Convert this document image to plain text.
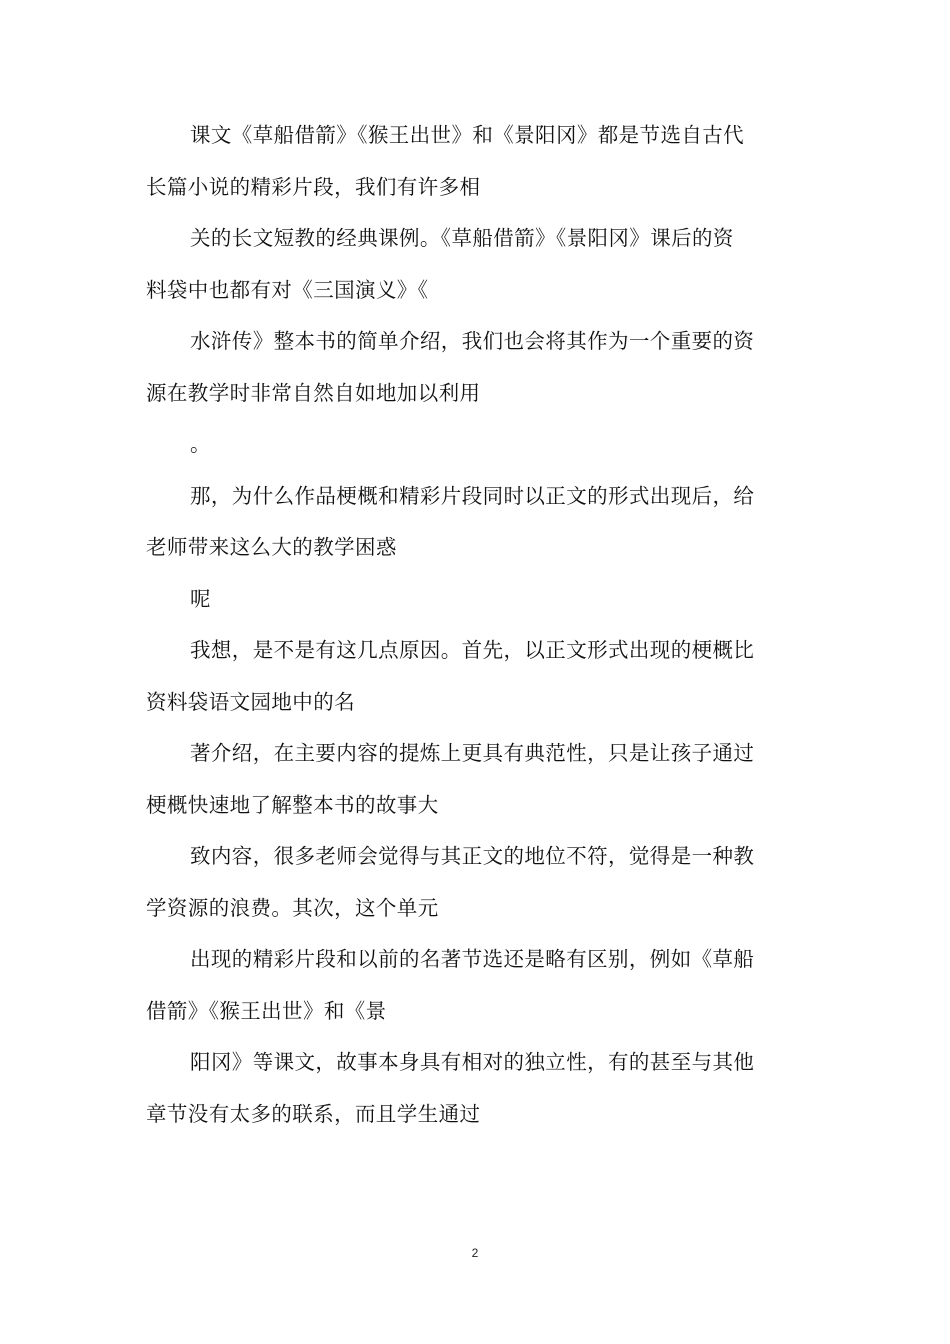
课文《草船借箭》《猴王出世》和《景阳冈》都是节选自古代
长篇小说的精彩片段，我们有许多相

关的长文短教的经典课例。《草船借箭》《景阳冈》课后的资
料袋中也都有对《三国演义》《

水浒传》整本书的简单介绍，我们也会将其作为一个重要的资
源在教学时非常自然自如地加以利用

。

那，为什么作品梗概和精彩片段同时以正文的形式出现后，给
老师带来这么大的教学困惑

呢

我想，是不是有这几点原因。首先，以正文形式出现的梗概比
资料袋语文园地中的名

著介绍，在主要内容的提炼上更具有典范性，只是让孩子通过
梗概快速地了解整本书的故事大

致内容，很多老师会觉得与其正文的地位不符，觉得是一种教
学资源的浪费。其次，这个单元

出现的精彩片段和以前的名著节选还是略有区别，例如《草船
借箭》《猴王出世》和《景

阳冈》等课文，故事本身具有相对的独立性，有的甚至与其他
章节没有太多的联系，而且学生通过

2
